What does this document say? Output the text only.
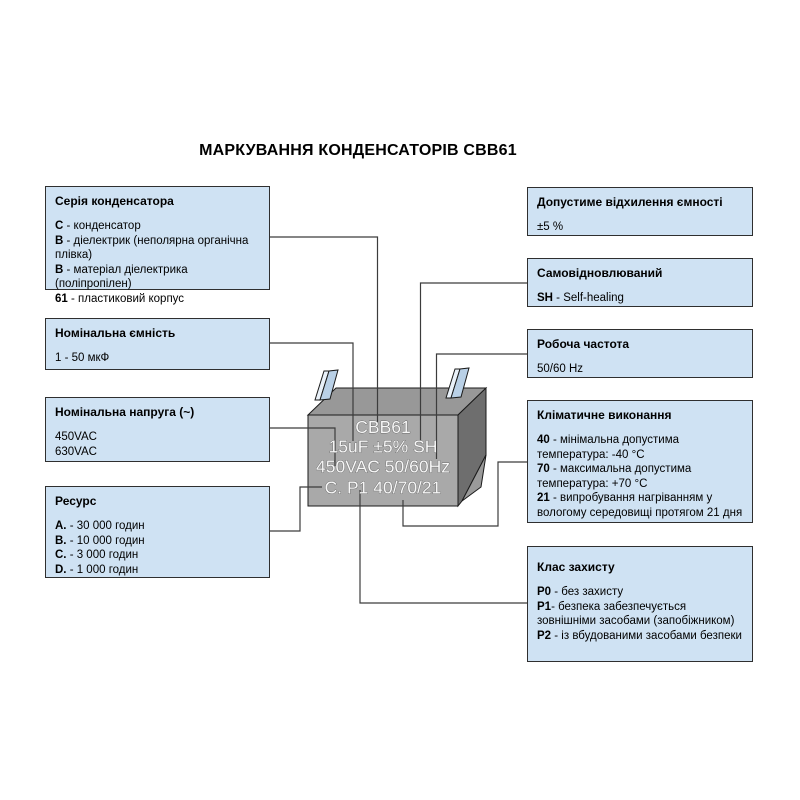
CBB61
15uF ±5% SH
450VAC 50/60Hz
C. P1 40/70/21
МАРКУВАННЯ КОНДЕНСАТОРІВ CBB61
Серія конденсатора

C - конденсатор

B - діелектрик (неполярна органічна плівка)

B - матеріал діелектрика (поліпропілен)

61 - пластиковий корпус

Номінальна ємність

1 - 50 мкФ

Номінальна напруга (~)

450VAC

630VAC

Ресурс

A. - 30 000 годин

B. - 10 000 годин

C. - 3 000 годин

D. - 1 000 годин

Допустиме відхилення ємності

±5 %

Самовідновлюваний

SH - Self-healing

Робоча частота

50/60 Hz

Кліматичне виконання

40 - мінімальна допустима температура: -40 °C

70 - максимальна допустима температура: +70 °C

21 - випробування нагріванням у вологому середовищі протягом 21 дня

Клас захисту

P0 - без захисту

P1- безпека забезпечується зовнішніми засобами (запобіжником)

P2 - із вбудованими засобами безпеки
